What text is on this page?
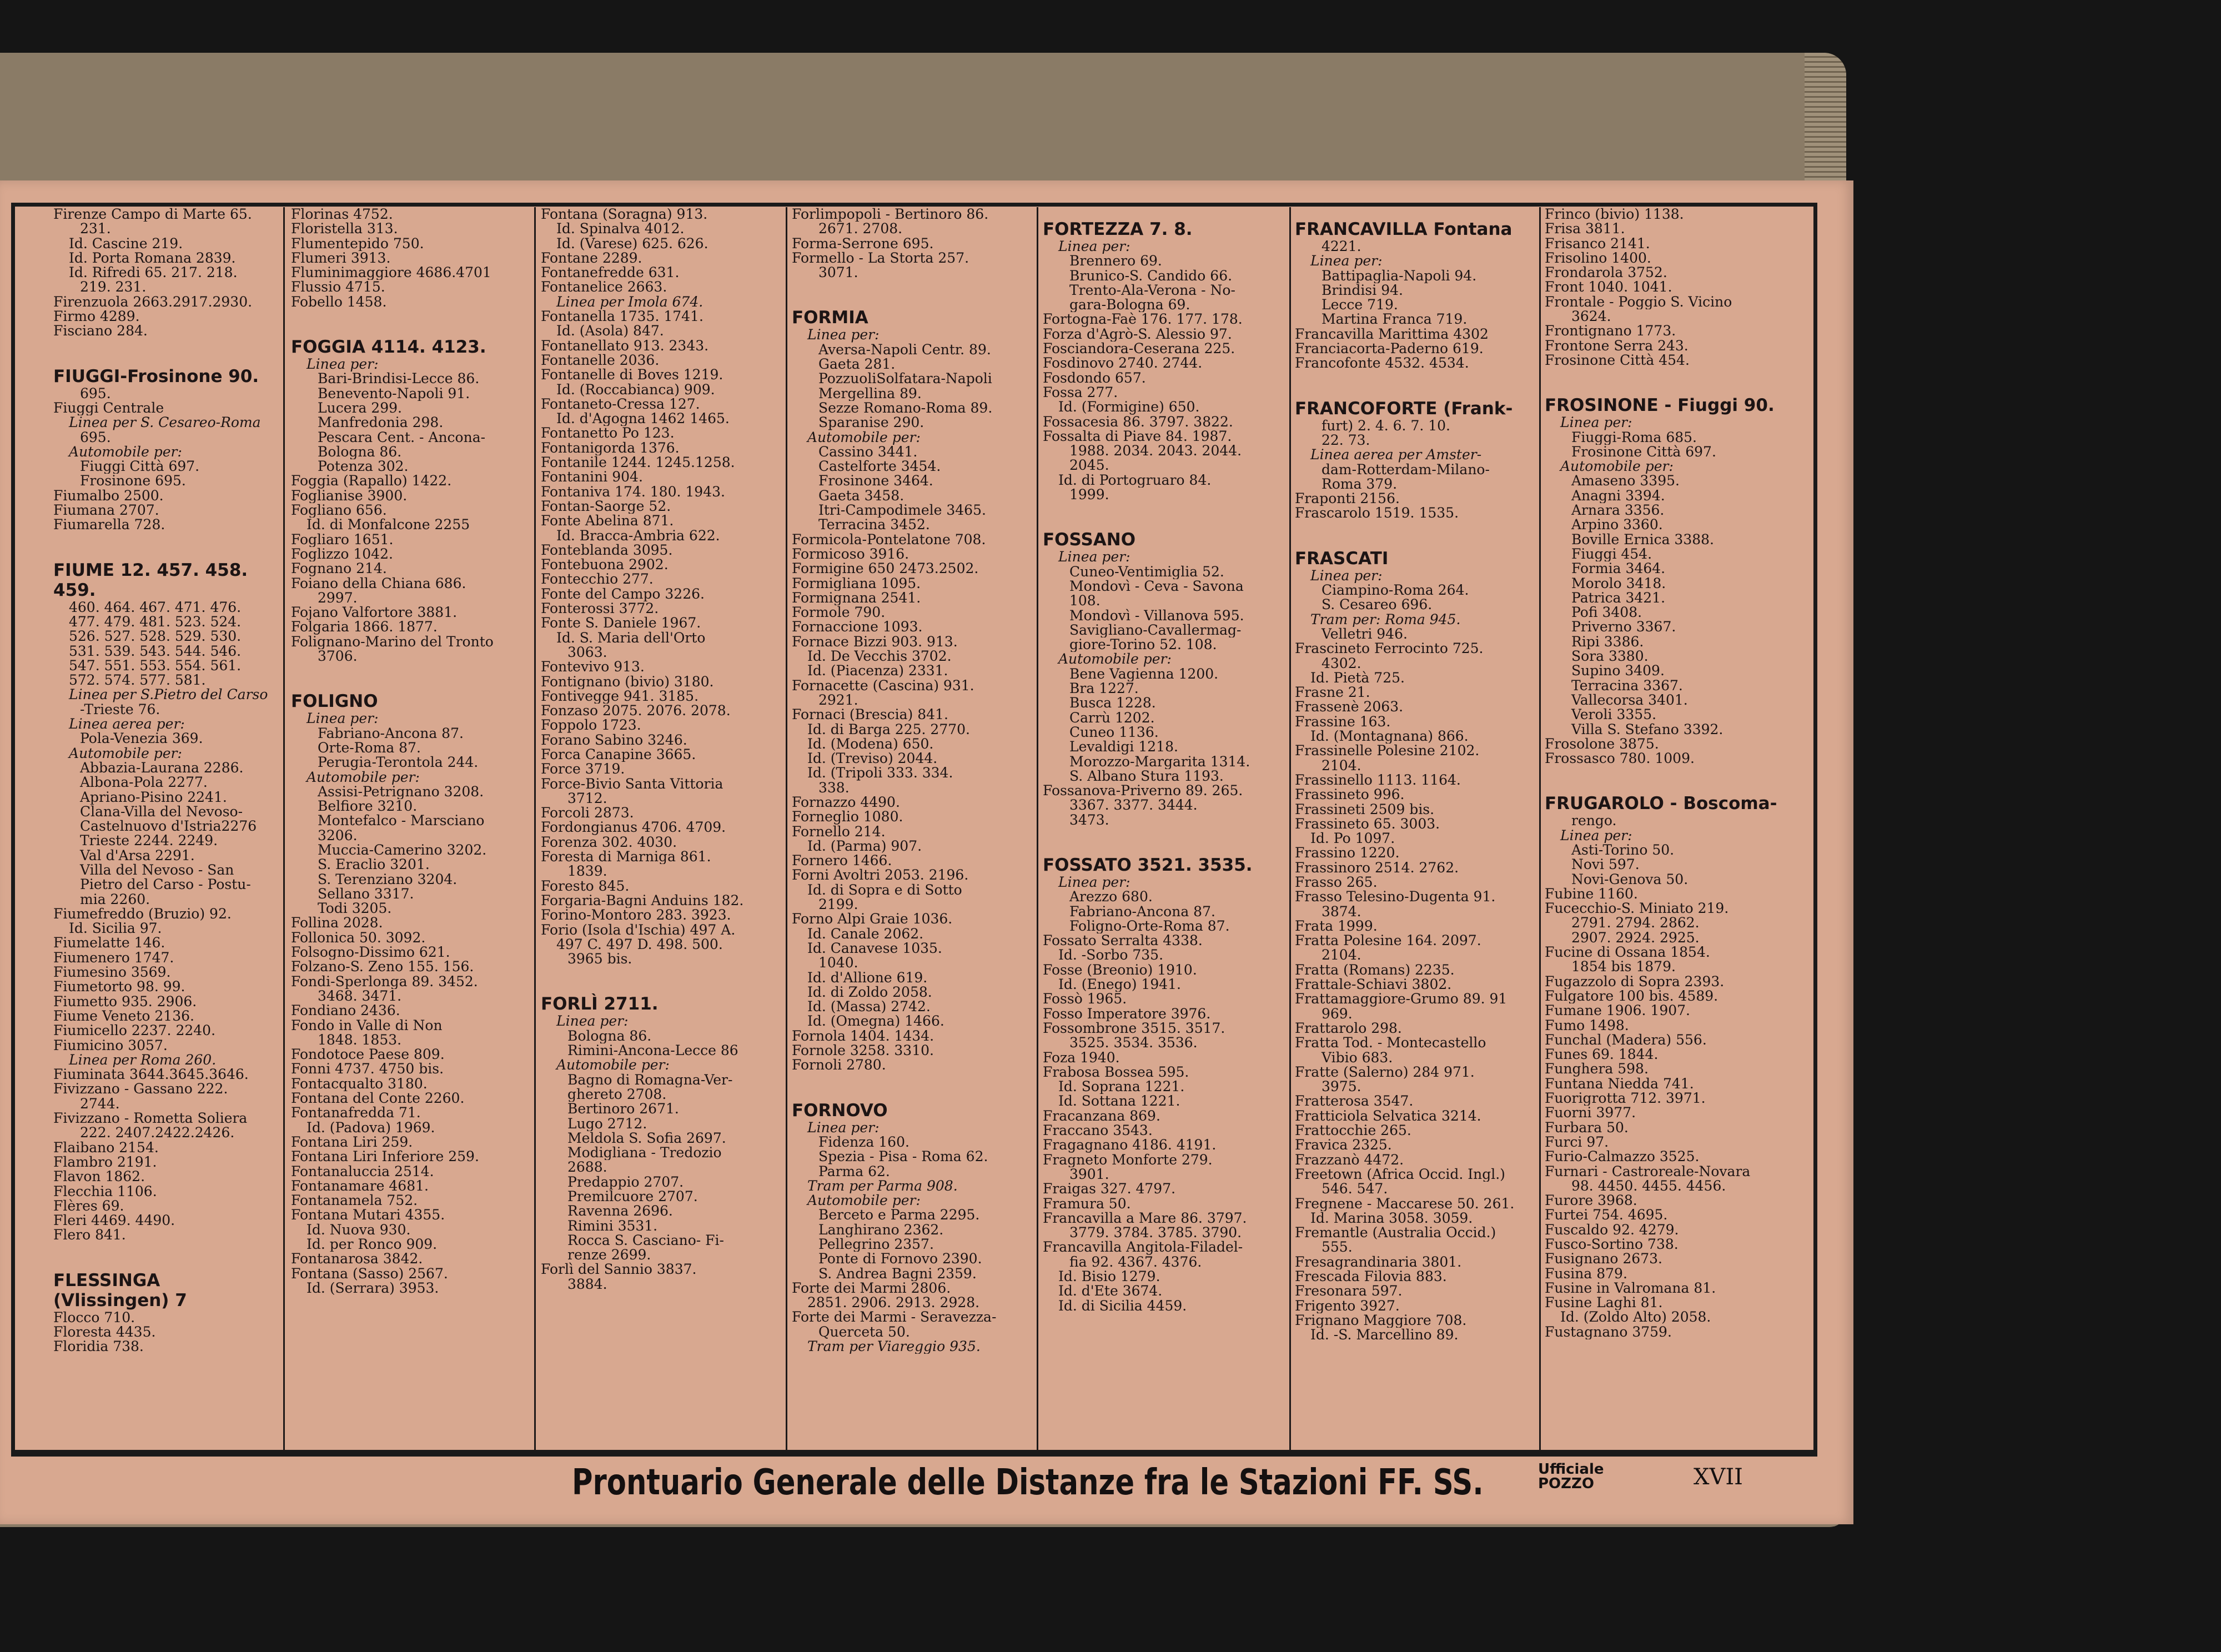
Firenze Campo di Marte 65.
231.
Id. Cascine 219.
Id. Porta Romana 2839.
Id. Rifredi 65. 217. 218.
219. 231.
Firenzuola 2663.2917.2930.
Firmo 4289.
Fisciano 284.
FIUGGI-Frosinone 90.
695.
Fiuggi Centrale
Linea per S. Cesareo-Roma
695.
Automobile per:
Fiuggi Città 697.
Frosinone 695.
Fiumalbo 2500.
Fiumana 2707.
Fiumarella 728.
FIUME 12. 457. 458. 459.
460. 464. 467. 471. 476.
477. 479. 481. 523. 524.
526. 527. 528. 529. 530.
531. 539. 543. 544. 546.
547. 551. 553. 554. 561.
572. 574. 577. 581.
Linea per S.Pietro del Carso
-Trieste 76.
Linea aerea per:
Pola-Venezia 369.
Automobile per:
Abbazia-Laurana 2286.
Albona-Pola 2277.
Apriano-Pisino 2241.
Clana-Villa del Nevoso-
Castelnuovo d'Istria2276
Trieste 2244. 2249.
Val d'Arsa 2291.
Villa del Nevoso - San
Pietro del Carso - Postu-
mia 2260.
Fiumefreddo (Bruzio) 92.
Id. Sicilia 97.
Fiumelatte 146.
Fiumenero 1747.
Fiumesino 3569.
Fiumetorto 98. 99.
Fiumetto 935. 2906.
Fiume Veneto 2136.
Fiumicello 2237. 2240.
Fiumicino 3057.
Linea per Roma 260.
Fiuminata 3644.3645.3646.
Fivizzano - Gassano 222.
2744.
Fivizzano - Rometta Soliera
222. 2407.2422.2426.
Flaibano 2154.
Flambro 2191.
Flavon 1862.
Flecchia 1106.
Flères 69.
Fleri 4469. 4490.
Flero 841.
FLESSINGA (Vlissingen) 7
Flocco 710.
Floresta 4435.
Floridia 738.
Florinas 4752.
Floristella 313.
Flumentepido 750.
Flumeri 3913.
Fluminimaggiore 4686.4701
Flussio 4715.
Fobello 1458.
FOGGIA 4114. 4123.
Linea per:
Bari-Brindisi-Lecce 86.
Benevento-Napoli 91.
Lucera 299.
Manfredonia 298.
Pescara Cent. - Ancona-
Bologna 86.
Potenza 302.
Foggia (Rapallo) 1422.
Foglianise 3900.
Fogliano 656.
Id. di Monfalcone 2255
Fogliaro 1651.
Foglizzo 1042.
Fognano 214.
Foiano della Chiana 686.
2997.
Fojano Valfortore 3881.
Folgaria 1866. 1877.
Folignano-Marino del Tronto
3706.
FOLIGNO
Linea per:
Fabriano-Ancona 87.
Orte-Roma 87.
Perugia-Terontola 244.
Automobile per:
Assisi-Petrignano 3208.
Belfiore 3210.
Montefalco - Marsciano
3206.
Muccia-Camerino 3202.
S. Eraclio 3201.
S. Terenziano 3204.
Sellano 3317.
Todi 3205.
Follina 2028.
Follonica 50. 3092.
Folsogno-Dissimo 621.
Folzano-S. Zeno 155. 156.
Fondi-Sperlonga 89. 3452.
3468. 3471.
Fondiano 2436.
Fondo in Valle di Non
1848. 1853.
Fondotoce Paese 809.
Fonni 4737. 4750 bis.
Fontacqualto 3180.
Fontana del Conte 2260.
Fontanafredda 71.
Id. (Padova) 1969.
Fontana Liri 259.
Fontana Liri Inferiore 259.
Fontanaluccia 2514.
Fontanamare 4681.
Fontanamela 752.
Fontana Mutari 4355.
Id. Nuova 930.
Id. per Ronco 909.
Fontanarosa 3842.
Fontana (Sasso) 2567.
Id. (Serrara) 3953.
Fontana (Soragna) 913.
Id. Spinalva 4012.
Id. (Varese) 625. 626.
Fontane 2289.
Fontanefredde 631.
Fontanelice 2663.
Linea per Imola 674.
Fontanella 1735. 1741.
Id. (Asola) 847.
Fontanellato 913. 2343.
Fontanelle 2036.
Fontanelle di Boves 1219.
Id. (Roccabianca) 909.
Fontaneto-Cressa 127.
Id. d'Agogna 1462 1465.
Fontanetto Po 123.
Fontanigorda 1376.
Fontanile 1244. 1245.1258.
Fontanini 904.
Fontaniva 174. 180. 1943.
Fontan-Saorge 52.
Fonte Abelina 871.
Id. Bracca-Ambria 622.
Fonteblanda 3095.
Fontebuona 2902.
Fontecchio 277.
Fonte del Campo 3226.
Fonterossi 3772.
Fonte S. Daniele 1967.
Id. S. Maria dell'Orto
3063.
Fontevivo 913.
Fontignano (bivio) 3180.
Fontivegge 941. 3185.
Fonzaso 2075. 2076. 2078.
Foppolo 1723.
Forano Sabino 3246.
Forca Canapine 3665.
Force 3719.
Force-Bivio Santa Vittoria
3712.
Forcoli 2873.
Fordongianus 4706. 4709.
Forenza 302. 4030.
Foresta di Marniga 861.
1839.
Foresto 845.
Forgaria-Bagni Anduins 182.
Forino-Montoro 283. 3923.
Forio (Isola d'Ischia) 497 A.
497 C. 497 D. 498. 500.
3965 bis.
FORLÌ 2711.
Linea per:
Bologna 86.
Rimini-Ancona-Lecce 86
Automobile per:
Bagno di Romagna-Ver-
ghereto 2708.
Bertinoro 2671.
Lugo 2712.
Meldola S. Sofia 2697.
Modigliana - Tredozio
2688.
Predappio 2707.
Premilcuore 2707.
Ravenna 2696.
Rimini 3531.
Rocca S. Casciano- Fi-
renze 2699.
Forlì del Sannio 3837.
3884.
Forlimpopoli - Bertinoro 86.
2671. 2708.
Forma-Serrone 695.
Formello - La Storta 257.
3071.
FORMIA
Linea per:
Aversa-Napoli Centr. 89.
Gaeta 281.
PozzuoliSolfatara-Napoli
Mergellina 89.
Sezze Romano-Roma 89.
Sparanise 290.
Automobile per:
Cassino 3441.
Castelforte 3454.
Frosinone 3464.
Gaeta 3458.
Itri-Campodimele 3465.
Terracina 3452.
Formicola-Pontelatone 708.
Formicoso 3916.
Formigine 650 2473.2502.
Formigliana 1095.
Formignana 2541.
Formole 790.
Fornaccione 1093.
Fornace Bizzi 903. 913.
Id. De Vecchis 3702.
Id. (Piacenza) 2331.
Fornacette (Cascina) 931.
2921.
Fornaci (Brescia) 841.
Id. di Barga 225. 2770.
Id. (Modena) 650.
Id. (Treviso) 2044.
Id. (Tripoli 333. 334.
338.
Fornazzo 4490.
Forneglio 1080.
Fornello 214.
Id. (Parma) 907.
Fornero 1466.
Forni Avoltri 2053. 2196.
Id. di Sopra e di Sotto
2199.
Forno Alpi Graie 1036.
Id. Canale 2062.
Id. Canavese 1035.
1040.
Id. d'Allione 619.
Id. di Zoldo 2058.
Id. (Massa) 2742.
Id. (Omegna) 1466.
Fornola 1404. 1434.
Fornole 3258. 3310.
Fornoli 2780.
FORNOVO
Linea per:
Fidenza 160.
Spezia - Pisa - Roma 62.
Parma 62.
Tram per Parma 908.
Automobile per:
Berceto e Parma 2295.
Langhirano 2362.
Pellegrino 2357.
Ponte di Fornovo 2390.
S. Andrea Bagni 2359.
Forte dei Marmi 2806.
2851. 2906. 2913. 2928.
Forte dei Marmi - Seravezza-
Querceta 50.
Tram per Viareggio 935.
FORTEZZA 7. 8.
Linea per:
Brennero 69.
Brunico-S. Candido 66.
Trento-Ala-Verona - No-
gara-Bologna 69.
Fortogna-Faè 176. 177. 178.
Forza d'Agrò-S. Alessio 97.
Fosciandora-Ceserana 225.
Fosdinovo 2740. 2744.
Fosdondo 657.
Fossa 277.
Id. (Formigine) 650.
Fossacesia 86. 3797. 3822.
Fossalta di Piave 84. 1987.
1988. 2034. 2043. 2044.
2045.
Id. di Portogruaro 84.
1999.
FOSSANO
Linea per:
Cuneo-Ventimiglia 52.
Mondovì - Ceva - Savona
108.
Mondovì - Villanova 595.
Savigliano-Cavallermag-
giore-Torino 52. 108.
Automobile per:
Bene Vagienna 1200.
Bra 1227.
Busca 1228.
Carrù 1202.
Cuneo 1136.
Levaldigi 1218.
Morozzo-Margarita 1314.
S. Albano Stura 1193.
Fossanova-Priverno 89. 265.
3367. 3377. 3444.
3473.
FOSSATO 3521. 3535.
Linea per:
Arezzo 680.
Fabriano-Ancona 87.
Foligno-Orte-Roma 87.
Fossato Serralta 4338.
Id. -Sorbo 735.
Fosse (Breonio) 1910.
Id. (Enego) 1941.
Fossò 1965.
Fosso Imperatore 3976.
Fossombrone 3515. 3517.
3525. 3534. 3536.
Foza 1940.
Frabosa Bossea 595.
Id. Soprana 1221.
Id. Sottana 1221.
Fracanzana 869.
Fraccano 3543.
Fragagnano 4186. 4191.
Fragneto Monforte 279.
3901.
Fraigas 327. 4797.
Framura 50.
Francavilla a Mare 86. 3797.
3779. 3784. 3785. 3790.
Francavilla Angitola-Filadel-
fia 92. 4367. 4376.
Id. Bisio 1279.
Id. d'Ete 3674.
Id. di Sicilia 4459.
FRANCAVILLA Fontana
4221.
Linea per:
Battipaglia-Napoli 94.
Brindisi 94.
Lecce 719.
Martina Franca 719.
Francavilla Marittima 4302
Franciacorta-Paderno 619.
Francofonte 4532. 4534.
FRANCOFORTE (Frank-
furt) 2. 4. 6. 7. 10.
22. 73.
Linea aerea per Amster-
dam-Rotterdam-Milano-
Roma 379.
Fraponti 2156.
Frascarolo 1519. 1535.
FRASCATI
Linea per:
Ciampino-Roma 264.
S. Cesareo 696.
Tram per: Roma 945.
Velletri 946.
Frascineto Ferrocinto 725.
4302.
Id. Pietà 725.
Frasne 21.
Frassenè 2063.
Frassine 163.
Id. (Montagnana) 866.
Frassinelle Polesine 2102.
2104.
Frassinello 1113. 1164.
Frassineto 996.
Frassineti 2509 bis.
Frassineto 65. 3003.
Id. Po 1097.
Frassino 1220.
Frassinoro 2514. 2762.
Frasso 265.
Frasso Telesino-Dugenta 91.
3874.
Frata 1999.
Fratta Polesine 164. 2097.
2104.
Fratta (Romans) 2235.
Frattale-Schiavi 3802.
Frattamaggiore-Grumo 89. 91
969.
Frattarolo 298.
Fratta Tod. - Montecastello
Vibio 683.
Fratte (Salerno) 284 971.
3975.
Fratterosa 3547.
Fratticiola Selvatica 3214.
Frattocchie 265.
Fravica 2325.
Frazzanò 4472.
Freetown (Africa Occid. Ingl.)
546. 547.
Fregnene - Maccarese 50. 261.
Id. Marina 3058. 3059.
Fremantle (Australia Occid.)
555.
Fresagrandinaria 3801.
Frescada Filovia 883.
Fresonara 597.
Frigento 3927.
Frignano Maggiore 708.
Id. -S. Marcellino 89.
Frinco (bivio) 1138.
Frisa 3811.
Frisanco 2141.
Frisolino 1400.
Frondarola 3752.
Front 1040. 1041.
Frontale - Poggio S. Vicino
3624.
Frontignano 1773.
Frontone Serra 243.
Frosinone Città 454.
FROSINONE - Fiuggi 90.
Linea per:
Fiuggi-Roma 685.
Frosinone Città 697.
Automobile per:
Amaseno 3395.
Anagni 3394.
Arnara 3356.
Arpino 3360.
Boville Ernica 3388.
Fiuggi 454.
Formia 3464.
Morolo 3418.
Patrica 3421.
Pofi 3408.
Priverno 3367.
Ripi 3386.
Sora 3380.
Supino 3409.
Terracina 3367.
Vallecorsa 3401.
Veroli 3355.
Villa S. Stefano 3392.
Frosolone 3875.
Frossasco 780. 1009.
FRUGAROLO - Boscoma-
rengo.
Linea per:
Asti-Torino 50.
Novi 597.
Novi-Genova 50.
Fubine 1160.
Fucecchio-S. Miniato 219.
2791. 2794. 2862.
2907. 2924. 2925.
Fucine di Ossana 1854.
1854 bis 1879.
Fugazzolo di Sopra 2393.
Fulgatore 100 bis. 4589.
Fumane 1906. 1907.
Fumo 1498.
Funchal (Madera) 556.
Funes 69. 1844.
Funghera 598.
Funtana Niedda 741.
Fuorigrotta 712. 3971.
Fuorni 3977.
Furbara 50.
Furci 97.
Furio-Calmazzo 3525.
Furnari - Castroreale-Novara
98. 4450. 4455. 4456.
Furore 3968.
Furtei 754. 4695.
Fuscaldo 92. 4279.
Fusco-Sortino 738.
Fusignano 2673.
Fusina 879.
Fusine in Valromana 81.
Fusine Laghi 81.
Id. (Zoldo Alto) 2058.
Fustagnano 3759.
Prontuario Generale delle Distanze fra le Stazioni FF. SS.	Ufficiale
POZZO	XVII
